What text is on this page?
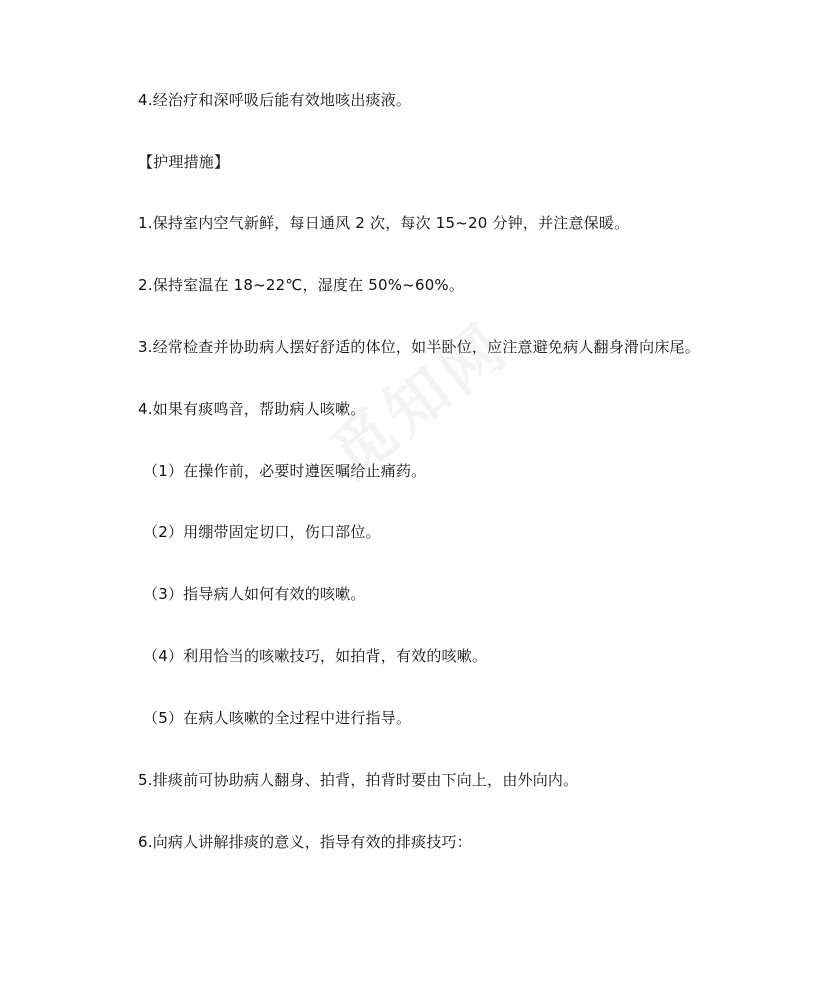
4.经治疗和深呼吸后能有效地咳出痰液。
【护理措施】
1.保持室内空气新鲜，每日通风 2 次，每次 15~20 分钟，并注意保暖。
2.保持室温在 18~22℃，湿度在 50%~60%。
3.经常检查并协助病人摆好舒适的体位，如半卧位，应注意避免病人翻身滑向床尾。
4.如果有痰鸣音，帮助病人咳嗽。
（1）在操作前，必要时遵医嘱给止痛药。
（2）用绷带固定切口，伤口部位。
（3）指导病人如何有效的咳嗽。
（4）利用恰当的咳嗽技巧，如拍背，有效的咳嗽。
（5）在病人咳嗽的全过程中进行指导。
5.排痰前可协助病人翻身、拍背，拍背时要由下向上，由外向内。
6.向病人讲解排痰的意义，指导有效的排痰技巧：
